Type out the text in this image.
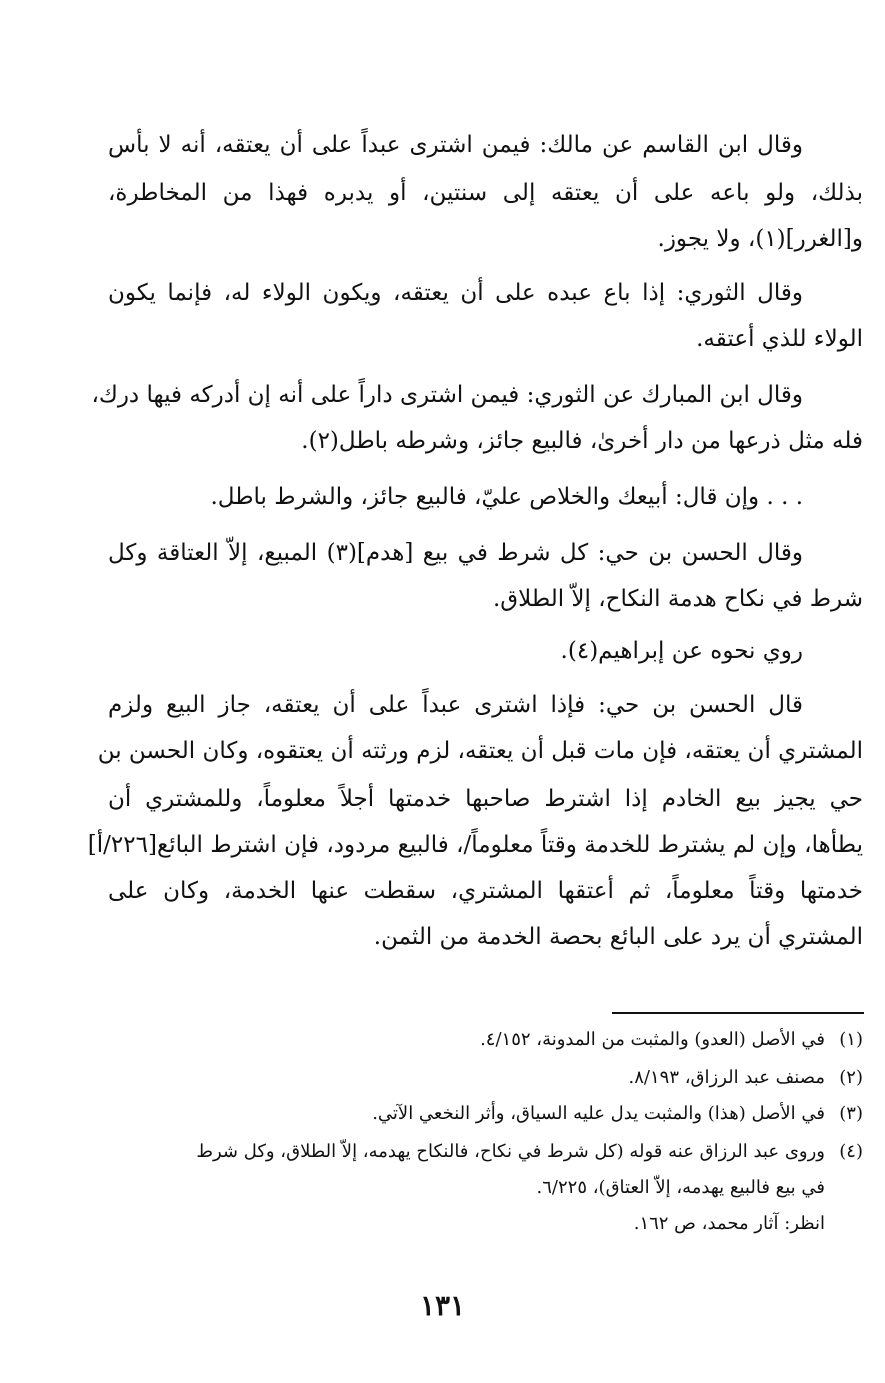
وقال ابن القاسم عن مالك: فيمن اشترى عبداً على أن يعتقه، أنه لا بأس
بذلك، ولو باعه على أن يعتقه إلى سنتين، أو يدبره فهذا من المخاطرة،
و[الغرر](١)، ولا يجوز.
وقال الثوري: إذا باع عبده على أن يعتقه، ويكون الولاء له، فإنما يكون
الولاء للذي أعتقه.
وقال ابن المبارك عن الثوري: فيمن اشترى داراً على أنه إن أدركه فيها درك،
فله مثل ذرعها من دار أخرىٰ، فالبيع جائز، وشرطه باطل(٢).
. . . وإن قال: أبيعك والخلاص عليّ، فالبيع جائز، والشرط باطل.
وقال الحسن بن حي: كل شرط في بيع [هدم](٣) المبيع، إلاّ العتاقة وكل
شرط في نكاح هدمة النكاح، إلاّ الطلاق.
روي نحوه عن إبراهيم(٤).
قال الحسن بن حي: فإذا اشترى عبداً على أن يعتقه، جاز البيع ولزم
المشتري أن يعتقه، فإن مات قبل أن يعتقه، لزم ورثته أن يعتقوه، وكان الحسن بن
حي يجيز بيع الخادم إذا اشترط صاحبها خدمتها أجلاً معلوماً، وللمشتري أن
يطأها، وإن لم يشترط للخدمة وقتاً معلوماً/، فالبيع مردود، فإن اشترط البائع[٢٢٦/أ]
خدمتها وقتاً معلوماً، ثم أعتقها المشتري، سقطت عنها الخدمة، وكان على
المشتري أن يرد على البائع بحصة الخدمة من الثمن.
(١)في الأصل (العدو) والمثبت من المدونة، ٤/١٥٢.
(٢)مصنف عبد الرزاق، ٨/١٩٣.
(٣)في الأصل (هذا) والمثبت يدل عليه السياق، وأثر النخعي الآتي.
(٤)وروى عبد الرزاق عنه قوله (كل شرط في نكاح، فالنكاح يهدمه، إلاّ الطلاق، وكل شرط
في بيع فالبيع يهدمه، إلاّ العتاق)، ٦/٢٢٥.
انظر: آثار محمد، ص ١٦٢.
١٣١
